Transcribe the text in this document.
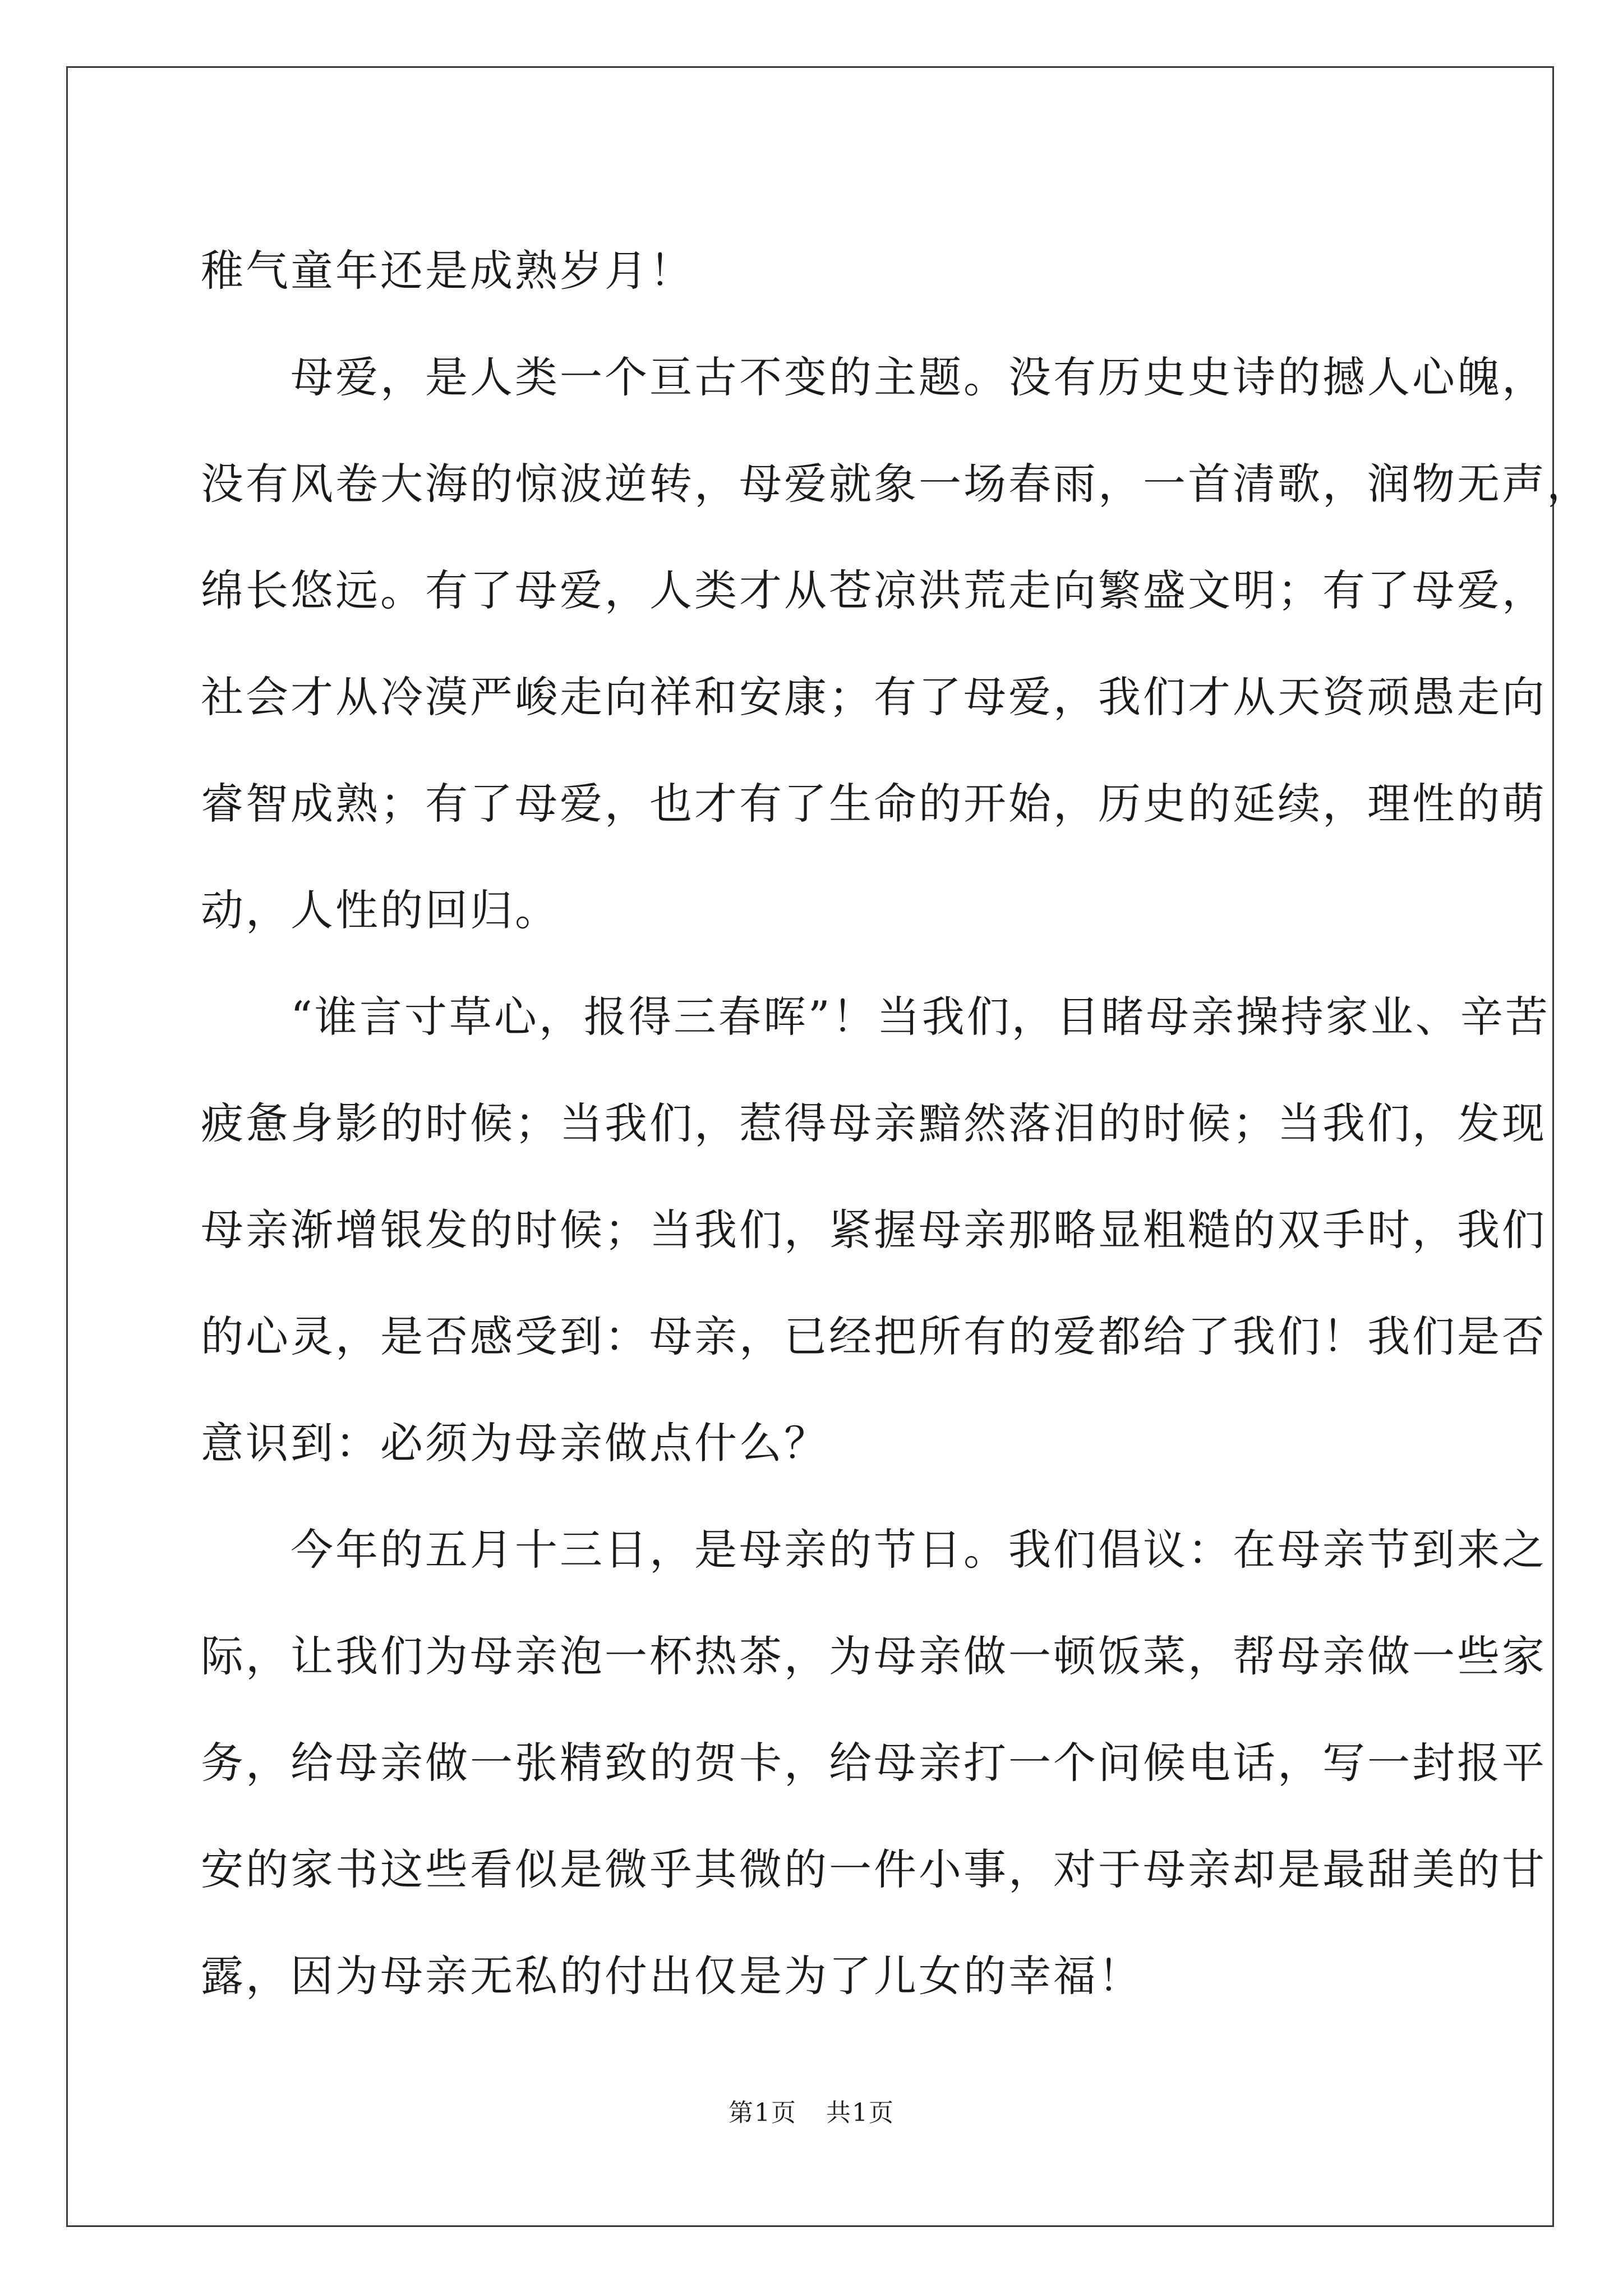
稚气童年还是成熟岁月！
　　母爱，是人类一个亘古不变的主题。没有历史史诗的撼人心魄，
没有风卷大海的惊波逆转，母爱就象一场春雨，一首清歌，润物无声，
绵长悠远。有了母爱，人类才从苍凉洪荒走向繁盛文明；有了母爱，
社会才从冷漠严峻走向祥和安康；有了母爱，我们才从天资顽愚走向
睿智成熟；有了母爱，也才有了生命的开始，历史的延续，理性的萌
动，人性的回归。
　　“谁言寸草心，报得三春晖”！当我们，目睹母亲操持家业、辛苦
疲惫身影的时候；当我们，惹得母亲黯然落泪的时候；当我们，发现
母亲渐增银发的时候；当我们，紧握母亲那略显粗糙的双手时，我们
的心灵，是否感受到：母亲，已经把所有的爱都给了我们！我们是否
意识到：必须为母亲做点什么？
　　今年的五月十三日，是母亲的节日。我们倡议：在母亲节到来之
际，让我们为母亲泡一杯热茶，为母亲做一顿饭菜，帮母亲做一些家
务，给母亲做一张精致的贺卡，给母亲打一个问候电话，写一封报平
安的家书这些看似是微乎其微的一件小事，对于母亲却是最甜美的甘
露，因为母亲无私的付出仅是为了儿女的幸福！
第1页 共1页
